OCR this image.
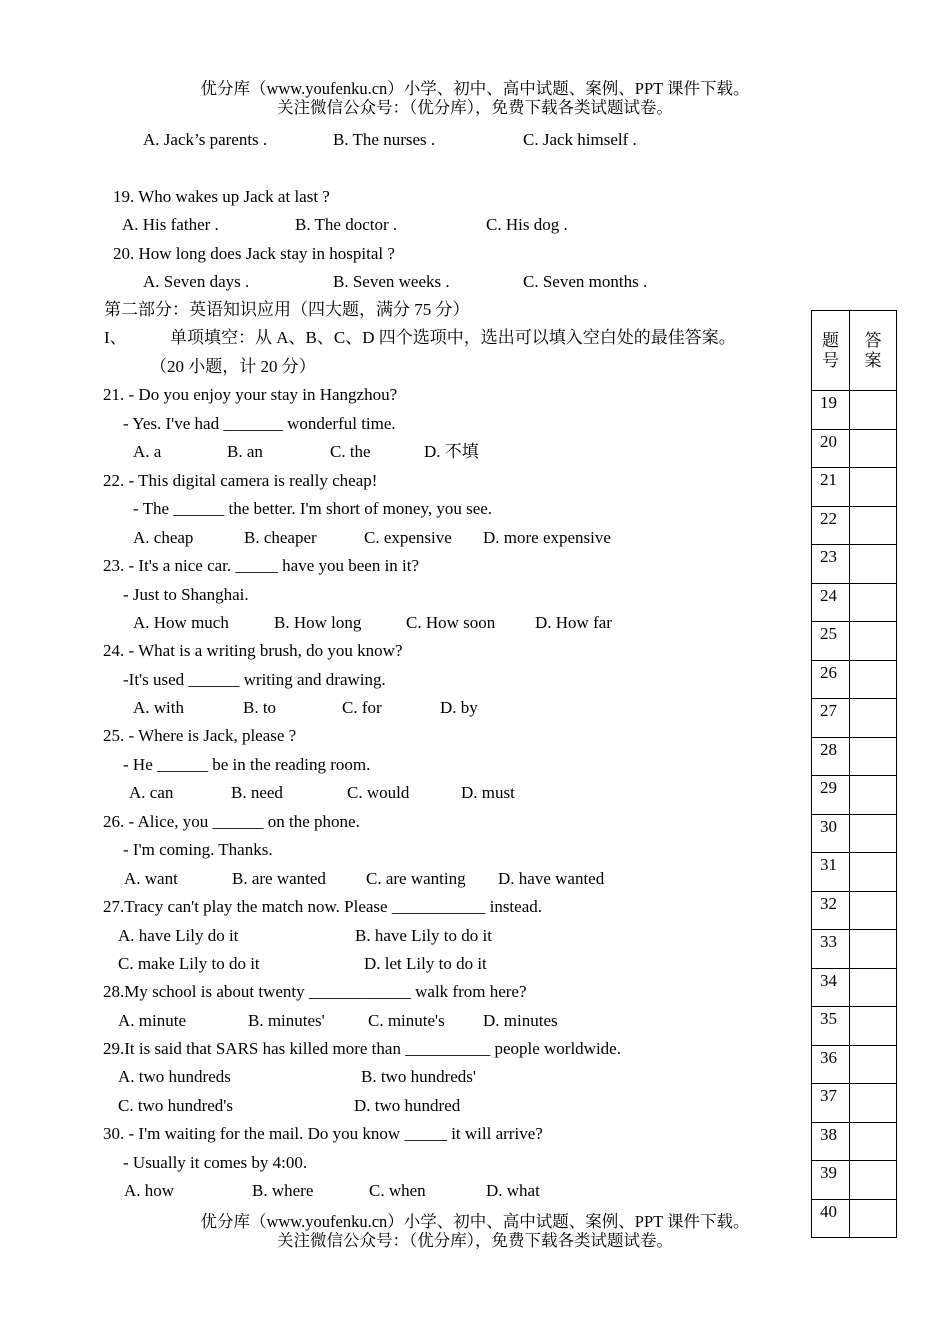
优分库（www.youfenku.cn）小学、初中、高中试题、案例、PPT 课件下载。
关注微信公众号：（优分库），免费下载各类试题试卷。
A. Jack’s parents .	B. The nurses .	C. Jack himself .
19. Who wakes up Jack at last ?
A. His father .	B. The doctor .	C. His dog .
20. How long does Jack stay in hospital ?
A. Seven days .	B. Seven weeks .	C. Seven months .
第二部分：英语知识应用（四大题，满分 75 分）
I、	单项填空：从 A、B、C、D 四个选项中，选出可以填入空白处的最佳答案。
（20 小题，计 20 分）
21. - Do you enjoy your stay in Hangzhou?
- Yes. I've had _______ wonderful time.
A. a	B. an	C. the	D. 不填
22. - This digital camera is really cheap!
- The ______ the better. I'm short of money, you see.
A. cheap	B. cheaper	C. expensive D. more expensive
23. - It's a nice car. _____ have you been in it?
- Just to Shanghai.
A. How much	B. How long	C. How soon D. How far
24. - What is a writing brush, do you know?
-It's used ______ writing and drawing.
A. with	B. to	C. for	D. by
25. - Where is Jack, please ?
- He ______ be in the reading room.
A. can	B. need	C. would	D. must
26. - Alice, you ______ on the phone.
- I'm coming. Thanks.
A. want	B. are wanted C. are wanting D. have wanted
27.Tracy can't play the match now. Please ___________ instead.
A. have Lily do it	B. have Lily to do it
C. make Lily to do it	D. let Lily to do it
28.My school is about twenty ____________ walk from here?
A. minute	B. minutes'	C. minute's D. minutes
29.It is said that SARS has killed more than __________ people worldwide.
A. two hundreds	B. two hundreds'
C. two hundred's	D. two hundred
30. - I'm waiting for the mail. Do you know _____ it will arrive?
- Usually it comes by 4:00.
A. how	B. where	C. when	D. what
优分库（www.youfenku.cn）小学、初中、高中试题、案例、PPT 课件下载。
关注微信公众号：（优分库），免费下载各类试题试卷。
题号	答案
19	
20	
21	
22	
23	
24	
25	
26	
27	
28	
29	
30	
31	
32	
33	
34	
35	
36	
37	
38	
39	
40	
